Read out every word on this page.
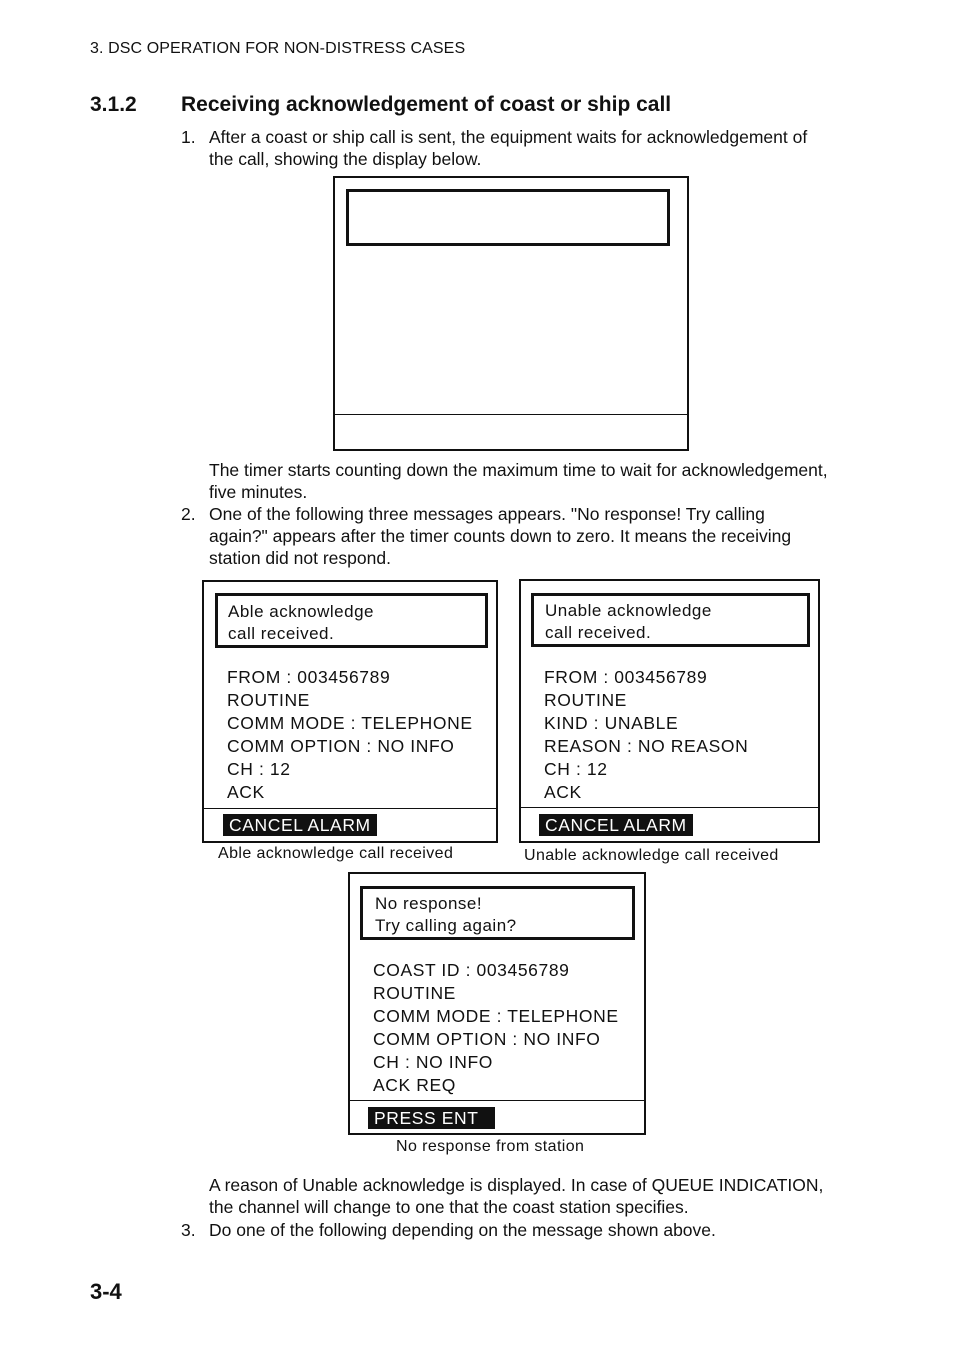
3. DSC OPERATION FOR NON-DISTRESS CASES
3.1.2 Receiving acknowledgement of coast or ship call
1. After a coast or ship call is sent, the equipment waits for acknowledgement of
the call, showing the display below.
The timer starts counting down the maximum time to wait for acknowledgement,
five minutes.
2. One of the following three messages appears. "No response! Try calling
again?" appears after the timer counts down to zero. It means the receiving
station did not respond.
Able acknowledge
call received.
FROM : 003456789
ROUTINE
COMM MODE : TELEPHONE
COMM OPTION : NO INFO
CH : 12
ACK
CANCEL ALARM
Able acknowledge call received
Unable acknowledge
call received.
FROM : 003456789
ROUTINE
KIND : UNABLE
REASON : NO REASON
CH : 12
ACK
CANCEL ALARM
Unable acknowledge call received
No response!
Try calling again?
COAST ID : 003456789
ROUTINE
COMM MODE : TELEPHONE
COMM OPTION : NO INFO
CH : NO INFO
ACK REQ
PRESS ENT
No response from station
A reason of Unable acknowledge is displayed. In case of QUEUE INDICATION,
the channel will change to one that the coast station specifies.
3. Do one of the following depending on the message shown above.
3-4
